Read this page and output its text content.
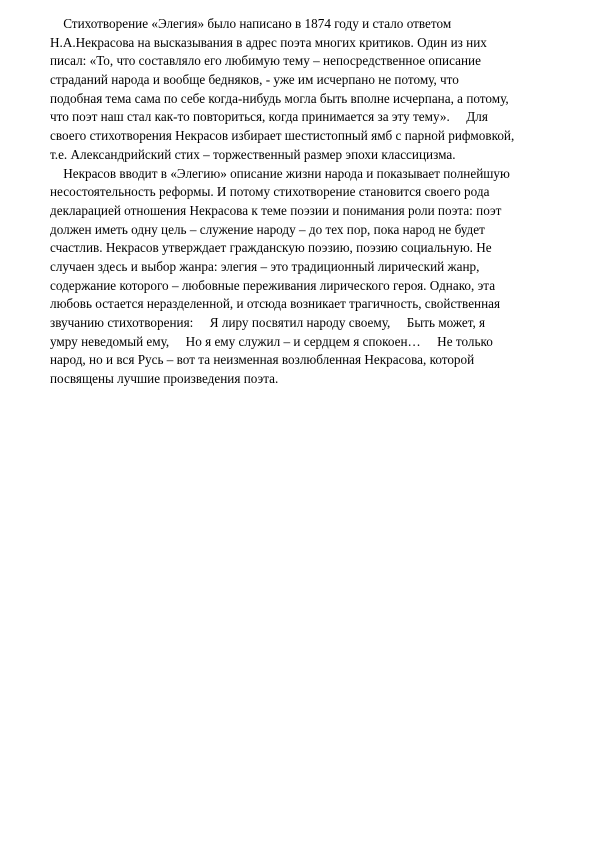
Стихотворение «Элегия» было написано в 1874 году и стало ответом
Н.А.Некрасова на высказывания в адрес поэта многих критиков. Один из них
писал: «То, что составляло его любимую тему – непосредственное описание
страданий народа и вообще бедняков, - уже им исчерпано не потому, что
подобная тема сама по себе когда-нибудь могла быть вполне исчерпана, а потому,
что поэт наш стал как-то повториться, когда принимается за эту тему».     Для
своего стихотворения Некрасов избирает шестистопный ямб с парной рифмовкой,
т.е. Александрийский стих – торжественный размер эпохи классицизма.
Некрасов вводит в «Элегию» описание жизни народа и показывает полнейшую
несостоятельность реформы. И потому стихотворение становится своего рода
декларацией отношения Некрасова к теме поэзии и понимания роли поэта: поэт
должен иметь одну цель – служение народу – до тех пор, пока народ не будет
счастлив. Некрасов утверждает гражданскую поэзию, поэзию социальную. Не
случаен здесь и выбор жанра: элегия – это традиционный лирический жанр,
содержание которого – любовные переживания лирического героя. Однако, эта
любовь остается неразделенной, и отсюда возникает трагичность, свойственная
звучанию стихотворения:     Я лиру посвятил народу своему,     Быть может, я
умру неведомый ему,     Но я ему служил – и сердцем я спокоен…     Не только
народ, но и вся Русь – вот та неизменная возлюбленная Некрасова, которой
посвящены лучшие произведения поэта.
